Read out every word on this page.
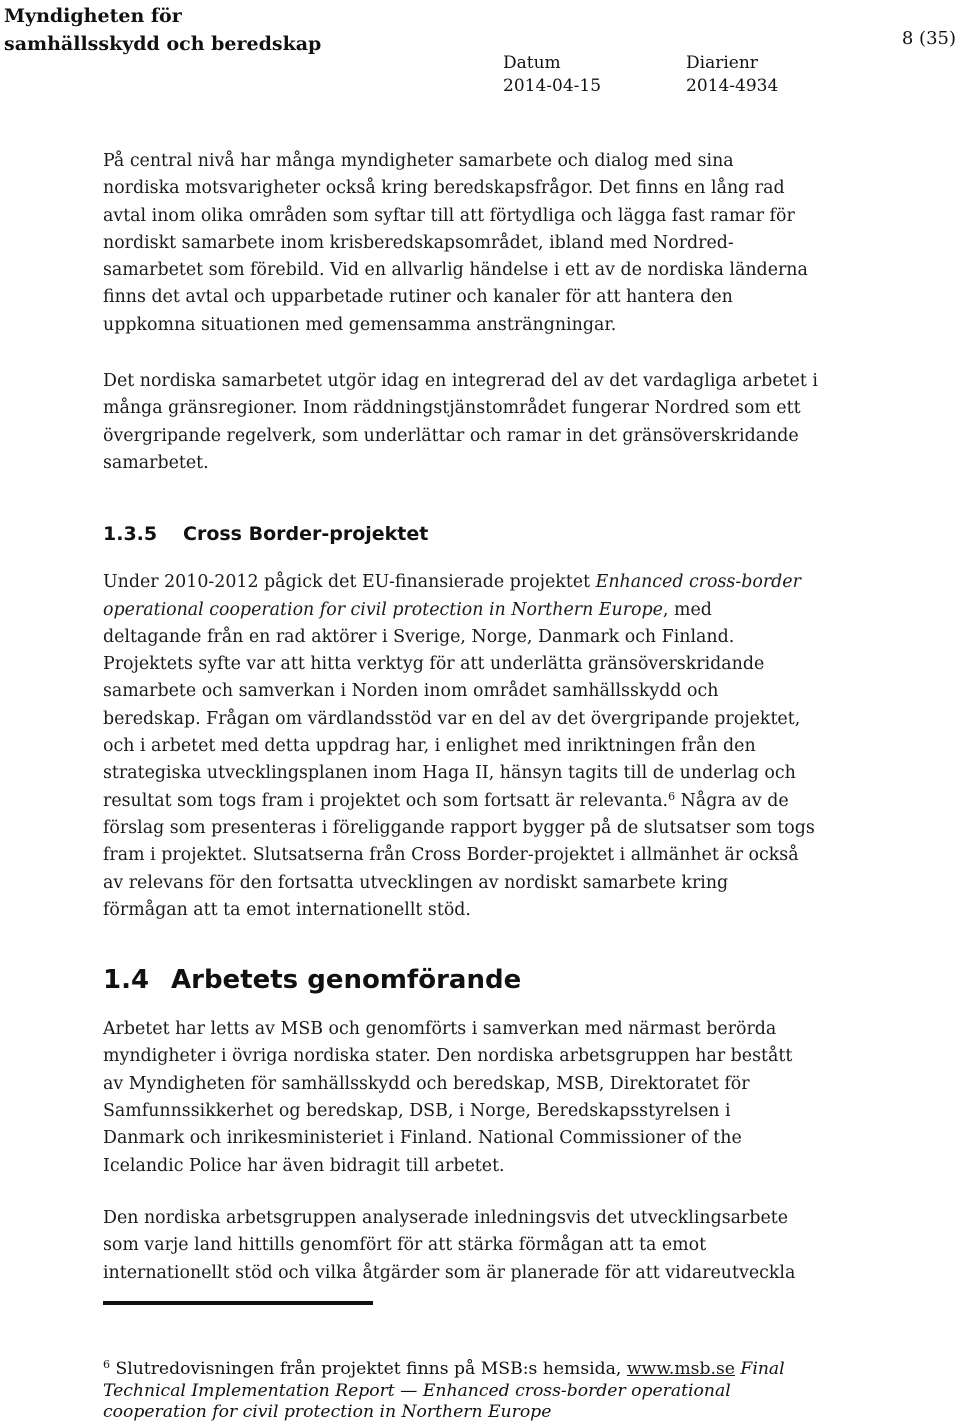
Myndigheten för
samhällsskydd och beredskap	8 (35)
Datum
2014-04-15
Diarienr
2014-4934

På central nivå har många myndigheter samarbete och dialog med sina

nordiska motsvarigheter också kring beredskapsfrågor. Det finns en lång rad

avtal inom olika områden som syftar till att förtydliga och lägga fast ramar för

nordiskt samarbete inom krisberedskapsområdet, ibland med Nordred-

samarbetet som förebild. Vid en allvarlig händelse i ett av de nordiska länderna

finns det avtal och upparbetade rutiner och kanaler för att hantera den

uppkomna situationen med gemensamma ansträngningar.

Det nordiska samarbetet utgör idag en integrerad del av det vardagliga arbetet i

många gränsregioner. Inom räddningstjänstområdet fungerar Nordred som ett

övergripande regelverk, som underlättar och ramar in det gränsöverskridande

samarbetet.

1.3.5 Cross Border-projektet

Under 2010-2012 pågick det EU-finansierade projektet Enhanced cross-border

operational cooperation for civil protection in Northern Europe, med

deltagande från en rad aktörer i Sverige, Norge, Danmark och Finland.

Projektets syfte var att hitta verktyg för att underlätta gränsöverskridande

samarbete och samverkan i Norden inom området samhällsskydd och

beredskap. Frågan om värdlandsstöd var en del av det övergripande projektet,

och i arbetet med detta uppdrag har, i enlighet med inriktningen från den

strategiska utvecklingsplanen inom Haga II, hänsyn tagits till de underlag och

resultat som togs fram i projektet och som fortsatt är relevanta.$^6$ Några av de

förslag som presenteras i föreliggande rapport bygger på de slutsatser som togs

fram i projektet. Slutsatserna från Cross Border-projektet i allmänhet är också

av relevans för den fortsatta utvecklingen av nordiskt samarbete kring

förmågan att ta emot internationellt stöd.

1.4 Arbetets genomförande

Arbetet har letts av MSB och genomförts i samverkan med närmast berörda

myndigheter i övriga nordiska stater. Den nordiska arbetsgruppen har bestått

av Myndigheten för samhällsskydd och beredskap, MSB, Direktoratet för

Samfunnssikkerhet og beredskap, DSB, i Norge, Beredskapsstyrelsen i

Danmark och inrikesministeriet i Finland. National Commissioner of the

Icelandic Police har även bidragit till arbetet.

Den nordiska arbetsgruppen analyserade inledningsvis det utvecklingsarbete

som varje land hittills genomfört för att stärka förmågan att ta emot

internationellt stöd och vilka åtgärder som är planerade för att vidareutveckla

$^6$ Slutredovisningen från projektet finns på MSB:s hemsida, www.msb.se Final
Technical Implementation Report — Enhanced cross-border operational
cooperation for civil protection in Northern Europe
